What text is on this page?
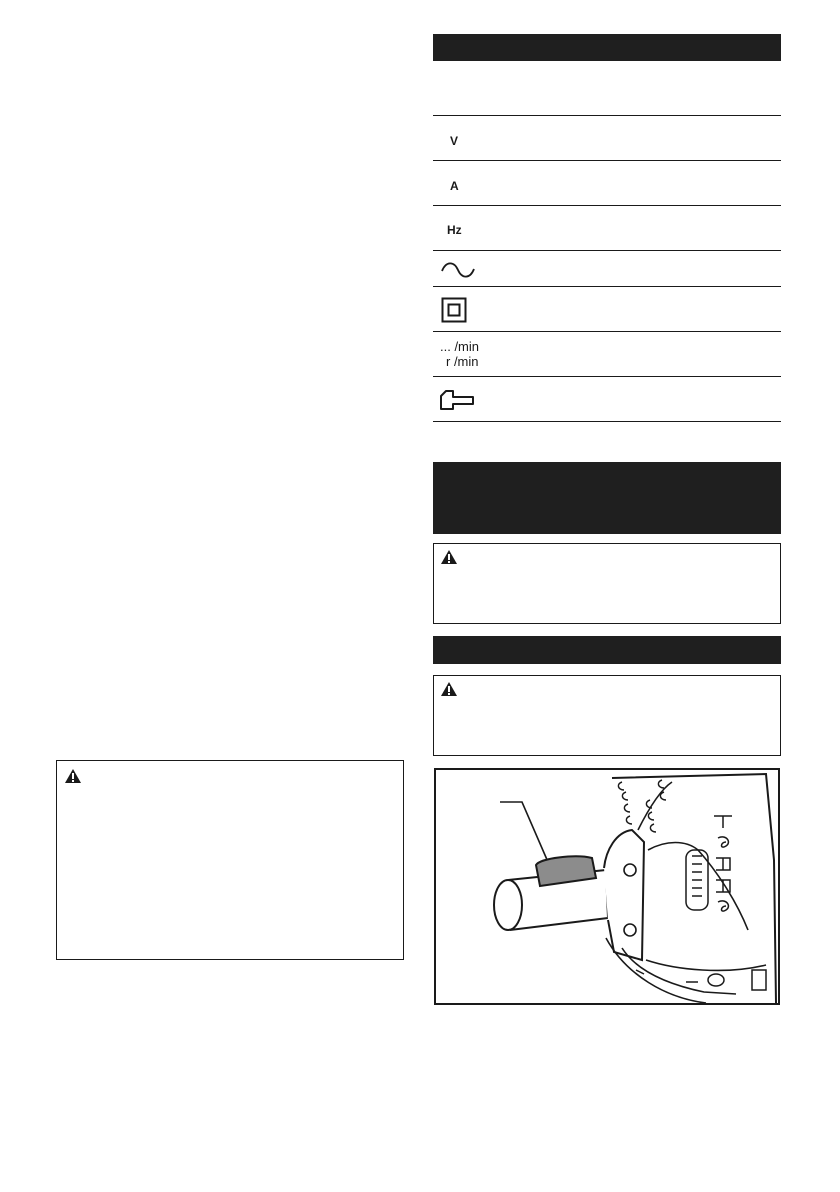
V
A
Hz
... /min
r /min
